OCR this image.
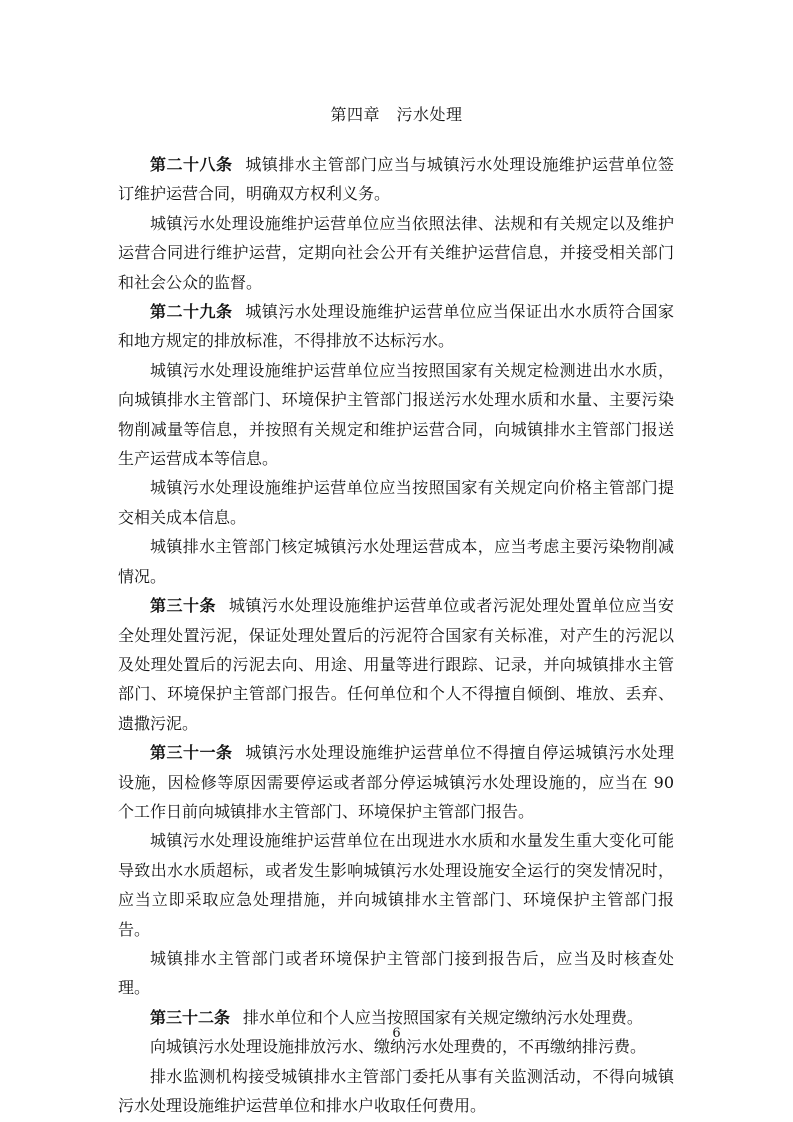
第四章　污水处理

第二十八条 城镇排水主管部门应当与城镇污水处理设施维护运营单位签订维护运营合同，明确双方权利义务。

城镇污水处理设施维护运营单位应当依照法律、法规和有关规定以及维护运营合同进行维护运营，定期向社会公开有关维护运营信息，并接受相关部门和社会公众的监督。

第二十九条 城镇污水处理设施维护运营单位应当保证出水水质符合国家和地方规定的排放标准，不得排放不达标污水。

城镇污水处理设施维护运营单位应当按照国家有关规定检测进出水水质，向城镇排水主管部门、环境保护主管部门报送污水处理水质和水量、主要污染物削减量等信息，并按照有关规定和维护运营合同，向城镇排水主管部门报送生产运营成本等信息。

城镇污水处理设施维护运营单位应当按照国家有关规定向价格主管部门提交相关成本信息。

城镇排水主管部门核定城镇污水处理运营成本，应当考虑主要污染物削减情况。

第三十条 城镇污水处理设施维护运营单位或者污泥处理处置单位应当安全处理处置污泥，保证处理处置后的污泥符合国家有关标准，对产生的污泥以及处理处置后的污泥去向、用途、用量等进行跟踪、记录，并向城镇排水主管部门、环境保护主管部门报告。任何单位和个人不得擅自倾倒、堆放、丢弃、遗撒污泥。

第三十一条 城镇污水处理设施维护运营单位不得擅自停运城镇污水处理设施，因检修等原因需要停运或者部分停运城镇污水处理设施的，应当在 90 个工作日前向城镇排水主管部门、环境保护主管部门报告。

城镇污水处理设施维护运营单位在出现进水水质和水量发生重大变化可能导致出水水质超标，或者发生影响城镇污水处理设施安全运行的突发情况时，应当立即采取应急处理措施，并向城镇排水主管部门、环境保护主管部门报告。

城镇排水主管部门或者环境保护主管部门接到报告后，应当及时核查处理。

第三十二条 排水单位和个人应当按照国家有关规定缴纳污水处理费。

向城镇污水处理设施排放污水、缴纳污水处理费的，不再缴纳排污费。

排水监测机构接受城镇排水主管部门委托从事有关监测活动，不得向城镇污水处理设施维护运营单位和排水户收取任何费用。

6
